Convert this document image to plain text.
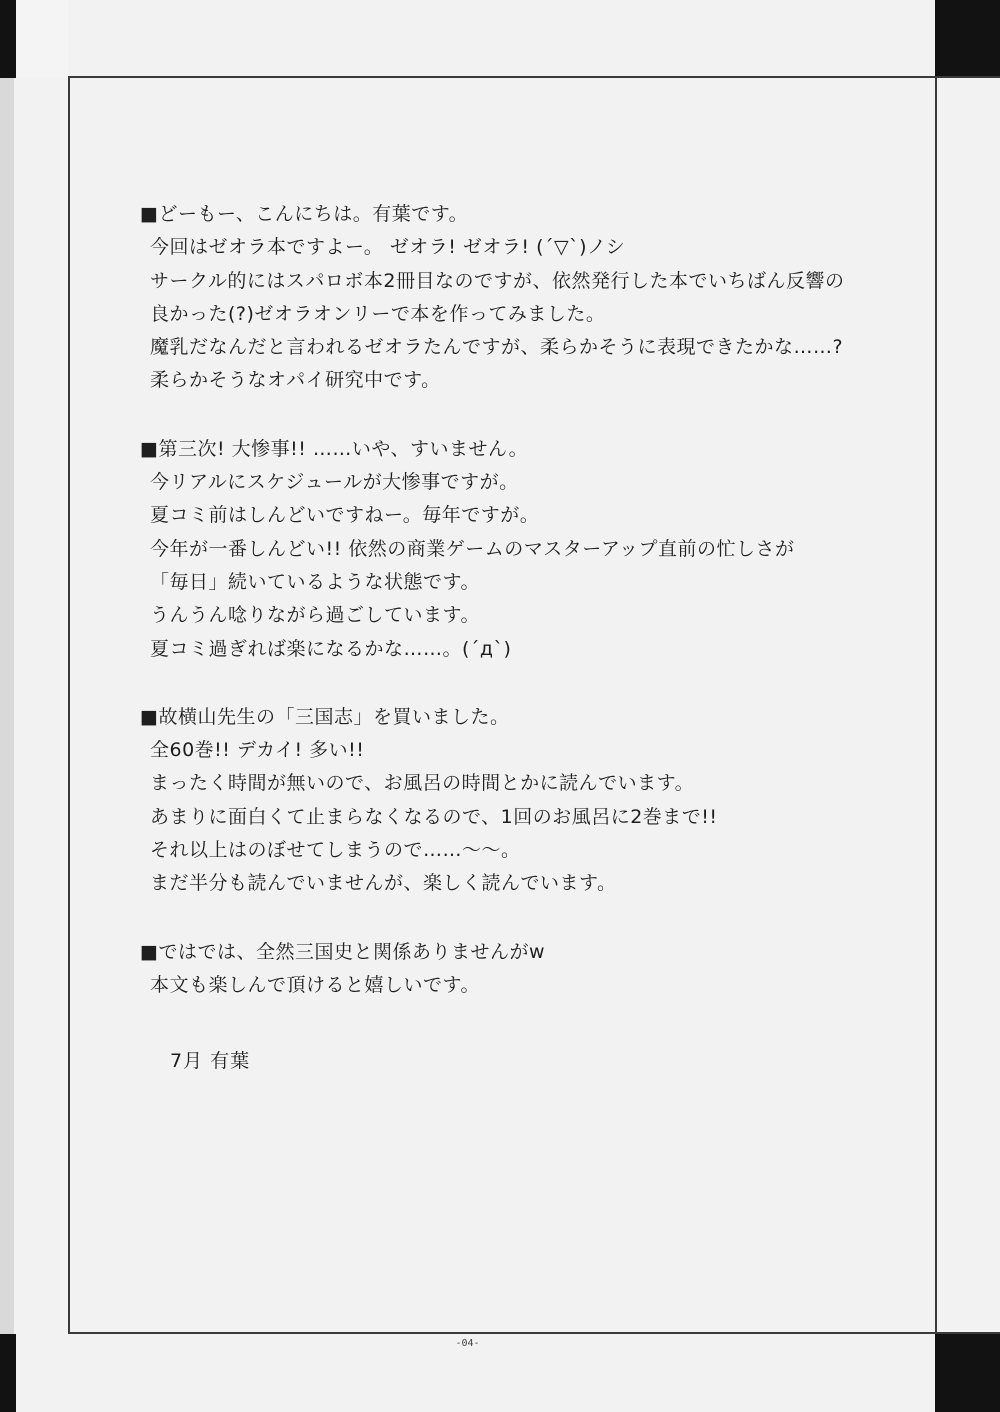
■どーもー、こんにちは。有葉です。
今回はゼオラ本ですよー。 ゼオラ! ゼオラ! (´▽`)ノシ
サークル的にはスパロボ本2冊目なのですが、依然発行した本でいちばん反響の
良かった(?)ゼオラオンリーで本を作ってみました。
魔乳だなんだと言われるゼオラたんですが、柔らかそうに表現できたかな……?
柔らかそうなオパイ研究中です。
■第三次! 大惨事!! ……いや、すいません。
今リアルにスケジュールが大惨事ですが。
夏コミ前はしんどいですねー。毎年ですが。
今年が一番しんどい!! 依然の商業ゲームのマスターアップ直前の忙しさが
「毎日」続いているような状態です。
うんうん唸りながら過ごしています。
夏コミ過ぎれば楽になるかな……。(´д`)
■故横山先生の「三国志」を買いました。
全60巻!! デカイ! 多い!!
まったく時間が無いので、お風呂の時間とかに読んでいます。
あまりに面白くて止まらなくなるので、1回のお風呂に2巻まで!!
それ以上はのぼせてしまうので……〜〜。
まだ半分も読んでいませんが、楽しく読んでいます。
■ではでは、全然三国史と関係ありませんがw
本文も楽しんで頂けると嬉しいです。
7月 有葉
-04-
